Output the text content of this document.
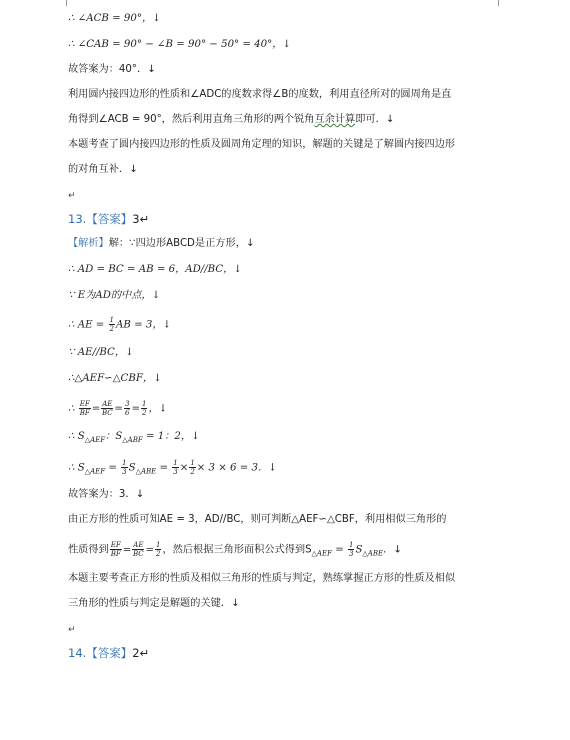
∴ ∠ACB = 90°，↓
∴ ∠CAB = 90° − ∠B = 90° − 50° = 40°，↓
故答案为：40°．↓
利用圆内接四边形的性质和∠ADC的度数求得∠B的度数，利用直径所对的圆周角是直
角得到∠ACB = 90°，然后利用直角三角形的两个锐角互余计算即可．↓
本题考查了圆内接四边形的性质及圆周角定理的知识，解题的关键是了解圆内接四边形
的对角互补．↓
↵
13.【答案】3↵
【解析】解：∵四边形ABCD是正方形，↓
∴ AD = BC = AB = 6，AD//BC，↓
∵ E为AD的中点，↓
∴ AE = $\frac{1}{2}$ AB = 3，↓
∵ AE//BC，↓
∴△AEF∽△CBF，↓
∴ $\frac{EF}{BF} = \frac{AE}{BC} = \frac{3}{6} = \frac{1}{2}$ ，↓
∴ $S_{\triangle AEF}$：$S_{\triangle ABF} = 1$：2，↓
∴ $S_{\triangle AEF} = \frac{1}{3} S_{\triangle ABE} = \frac{1}{3} \times \frac{1}{2} \times 3 \times 6 = 3$．↓
故答案为：3．↓
由正方形的性质可知AE = 3，AD//BC，则可判断△AEF∽△CBF，利用相似三角形的
性质得到 $\frac{EF}{BF} = \frac{AE}{BC} = \frac{1}{2}$ ，然后根据三角形面积公式得到$S_{\triangle AEF} = \frac{1}{3} S_{\triangle ABE}$．↓
本题主要考查正方形的性质及相似三角形的性质与判定，熟练掌握正方形的性质及相似
三角形的性质与判定是解题的关键．↓
↵
14.【答案】2↵
